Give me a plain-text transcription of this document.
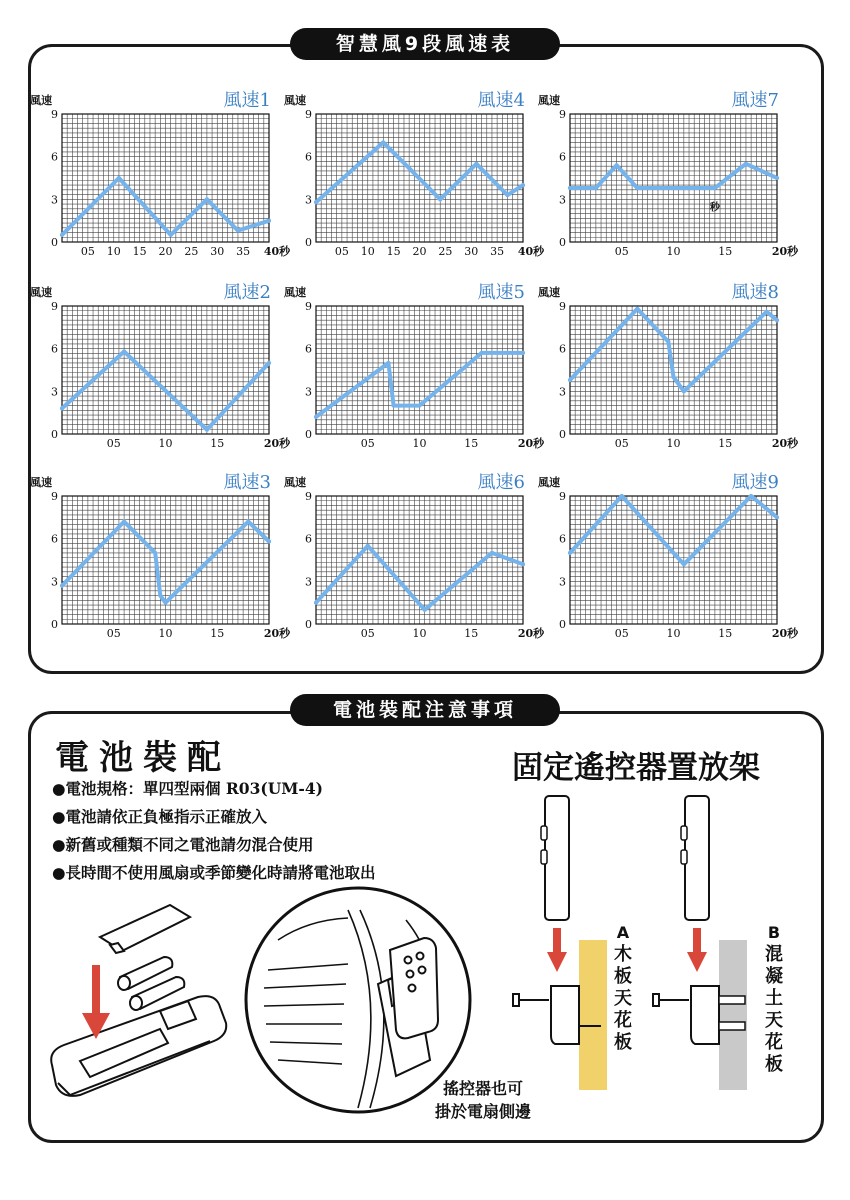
智慧風9段風速表
風速	風速1
0
3
6
9
05 10 15 20 25 30 35 40秒
風速	風速2
0
3
6
9
05	10	15	20秒
風速	風速3
0
3
6
9
05	10	15	20秒
風速	風速4
0
3
6
9
05 10 15 20 25 30 35 40秒
風速	風速5
0
3
6
9
05	10	15	20秒
風速	風速6
0
3
6
9
05	10	15	20秒
風速	風速7
0
3
6
9
05	10	15	20秒
秒
風速	風速8
0
3
6
9
05	10	15	20秒
風速	風速9
0
3
6
9
05	10	15	20秒
電池裝配注意事項
電池裝配	固定遙控器置放架
●電池規格：單四型兩個 R03(UM-4)
●電池請依正負極指示正確放入
●新舊或種類不同之電池請勿混合使用
●長時間不使用風扇或季節變化時請將電池取出
搖控器也可
掛於電扇側邊
A
木
板
天
花
板
B
混
凝
土
天
花
板
